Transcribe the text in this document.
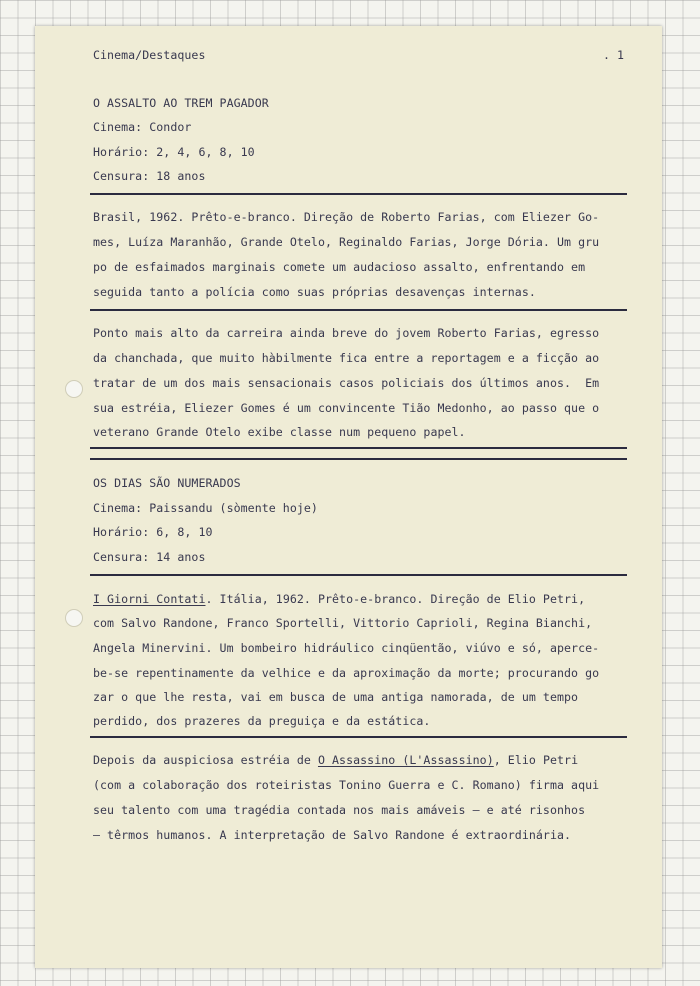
Cinema/Destaques	. 1

O ASSALTO AO TREM PAGADOR

Cinema: Condor

Horário: 2, 4, 6, 8, 10

Censura: 18 anos

Brasil, 1962. Prêto-e-branco. Direção de Roberto Farias, com Eliezer Go-

mes, Luíza Maranhão, Grande Otelo, Reginaldo Farias, Jorge Dória. Um gru

po de esfaimados marginais comete um audacioso assalto, enfrentando em

seguida tanto a polícia como suas próprias desavenças internas.

Ponto mais alto da carreira ainda breve do jovem Roberto Farias, egresso

da chanchada, que muito hàbilmente fica entre a reportagem e a ficção ao

tratar de um dos mais sensacionais casos policiais dos últimos anos.  Em

sua estréia, Eliezer Gomes é um convincente Tião Medonho, ao passo que o

veterano Grande Otelo exibe classe num pequeno papel.

OS DIAS SÃO NUMERADOS

Cinema: Paissandu (sòmente hoje)

Horário: 6, 8, 10

Censura: 14 anos

I Giorni Contati. Itália, 1962. Prêto-e-branco. Direção de Elio Petri,

com Salvo Randone, Franco Sportelli, Vittorio Caprioli, Regina Bianchi,

Angela Minervini. Um bombeiro hidráulico cinqüentão, viúvo e só, aperce-

be-se repentinamente da velhice e da aproximação da morte; procurando go

zar o que lhe resta, vai em busca de uma antiga namorada, de um tempo

perdido, dos prazeres da preguiça e da estática.

Depois da auspiciosa estréia de O Assassino (L'Assassino), Elio Petri

(com a colaboração dos roteiristas Tonino Guerra e C. Romano) firma aqui

seu talento com uma tragédia contada nos mais amáveis — e até risonhos

— têrmos humanos. A interpretação de Salvo Randone é extraordinária.
